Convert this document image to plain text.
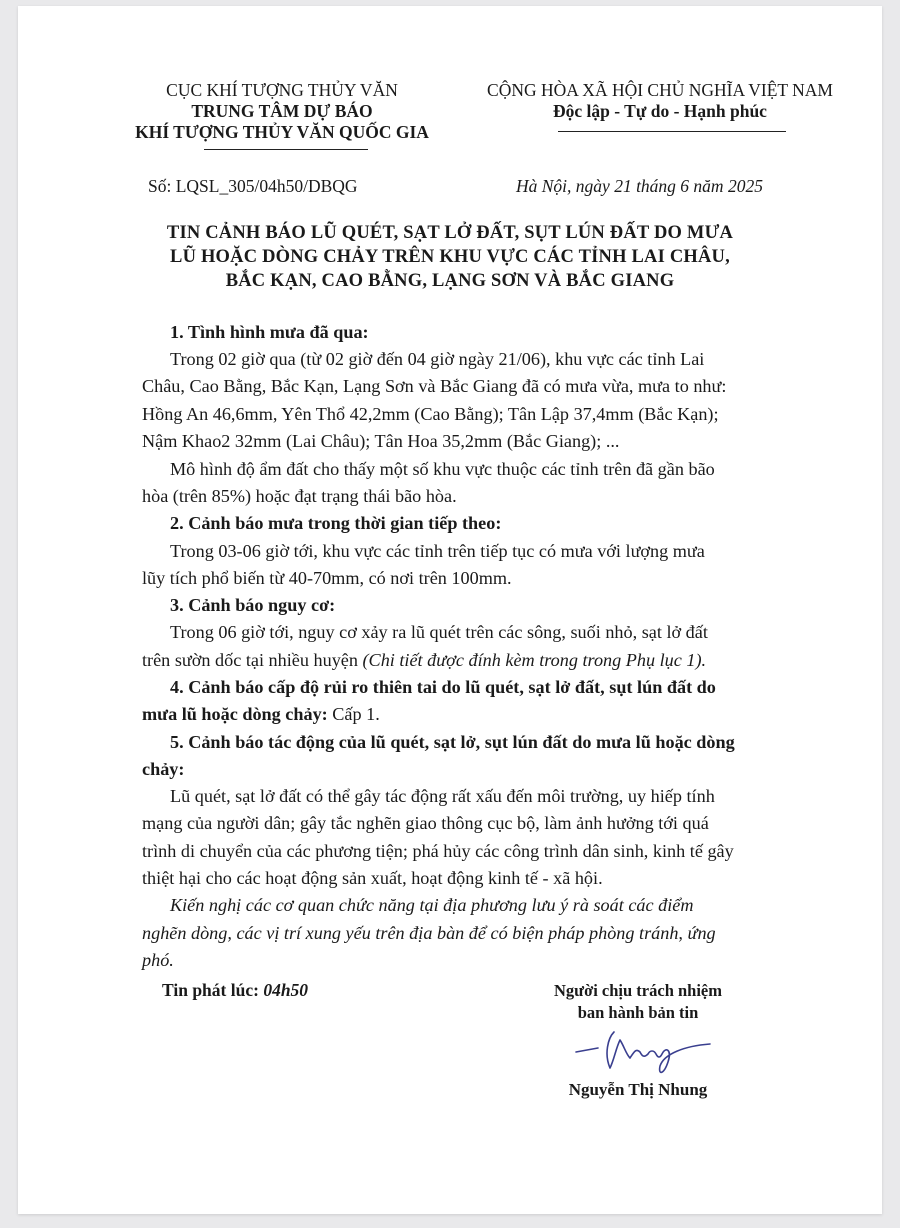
CỤC KHÍ TƯỢNG THỦY VĂN
TRUNG TÂM DỰ BÁO
KHÍ TƯỢNG THỦY VĂN QUỐC GIA
CỘNG HÒA XÃ HỘI CHỦ NGHĨA VIỆT NAM
Độc lập - Tự do - Hạnh phúc
Số: LQSL_305/04h50/DBQG	Hà Nội, ngày 21 tháng 6 năm 2025
TIN CẢNH BÁO LŨ QUÉT, SẠT LỞ ĐẤT, SỤT LÚN ĐẤT DO MƯA
LŨ HOẶC DÒNG CHẢY TRÊN KHU VỰC CÁC TỈNH LAI CHÂU,
BẮC KẠN, CAO BẰNG, LẠNG SƠN VÀ BẮC GIANG
1. Tình hình mưa đã qua:
Trong 02 giờ qua (từ 02 giờ đến 04 giờ ngày 21/06), khu vực các tỉnh Lai
Châu, Cao Bằng, Bắc Kạn, Lạng Sơn và Bắc Giang đã có mưa vừa, mưa to như:
Hồng An 46,6mm, Yên Thổ 42,2mm (Cao Bằng); Tân Lập 37,4mm (Bắc Kạn);
Nậm Khao2 32mm (Lai Châu); Tân Hoa 35,2mm (Bắc Giang); ...
Mô hình độ ẩm đất cho thấy một số khu vực thuộc các tỉnh trên đã gần bão
hòa (trên 85%) hoặc đạt trạng thái bão hòa.
2. Cảnh báo mưa trong thời gian tiếp theo:
Trong 03-06 giờ tới, khu vực các tỉnh trên tiếp tục có mưa với lượng mưa
lũy tích phổ biến từ 40-70mm, có nơi trên 100mm.
3. Cảnh báo nguy cơ:
Trong 06 giờ tới, nguy cơ xảy ra lũ quét trên các sông, suối nhỏ, sạt lở đất
trên sườn dốc tại nhiều huyện (Chi tiết được đính kèm trong trong Phụ lục 1).
4. Cảnh báo cấp độ rủi ro thiên tai do lũ quét, sạt lở đất, sụt lún đất do
mưa lũ hoặc dòng chảy: Cấp 1.
5. Cảnh báo tác động của lũ quét, sạt lở, sụt lún đất do mưa lũ hoặc dòng
chảy:
Lũ quét, sạt lở đất có thể gây tác động rất xấu đến môi trường, uy hiếp tính
mạng của người dân; gây tắc nghẽn giao thông cục bộ, làm ảnh hưởng tới quá
trình di chuyển của các phương tiện; phá hủy các công trình dân sinh, kinh tế gây
thiệt hại cho các hoạt động sản xuất, hoạt động kinh tế - xã hội.
Kiến nghị các cơ quan chức năng tại địa phương lưu ý rà soát các điểm
nghẽn dòng, các vị trí xung yếu trên địa bàn để có biện pháp phòng tránh, ứng
phó.
Tin phát lúc: 04h50	Người chịu trách nhiệm
ban hành bản tin
Nguyễn Thị Nhung
